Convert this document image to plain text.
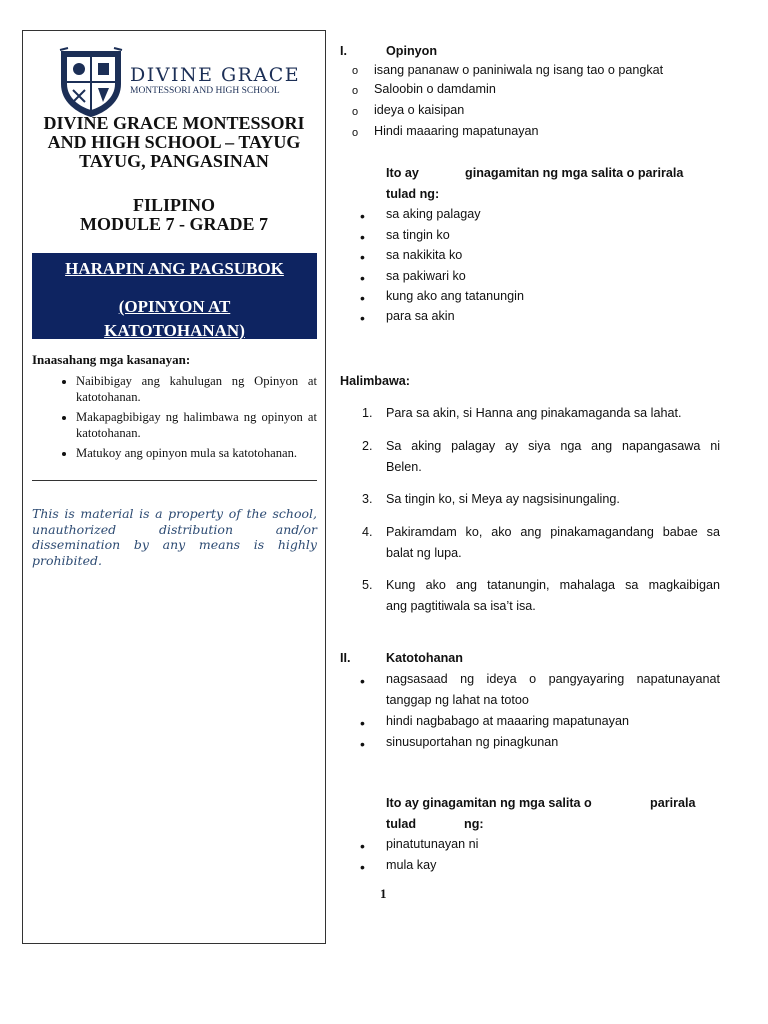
DIVINE GRACE
MONTESSORI AND HIGH SCHOOL
DIVINE GRACE MONTESSORI
AND HIGH SCHOOL – TAYUG
TAYUG, PANGASINAN
FILIPINO
MODULE 7 - GRADE 7
HARAPIN ANG PAGSUBOK
(OPINYON AT
KATOTOHANAN)
Inaasahang mga kasanayan:
• Naibibigay ang kahulugan ng Opinyon at katotohanan.
• Makapagbibigay ng halimbawa ng opinyon at katotohanan.
• Matukoy ang opinyon mula sa katotohanan.
This is material is a property of the school, unauthorized distribution and/or dissemination by any means is highly prohibited.
I.	Opinyon
o isang pananaw o paniniwala ng isang tao o pangkat
o Saloobin o damdamin
o ideya o kaisipan
o Hindi maaaring mapatunayan
Ito ay	ginagamitan ng mga salita o parirala
tulad ng:
• sa aking palagay
• sa tingin ko
• sa nakikita ko
• sa pakiwari ko
• kung ako ang tatanungin
• para sa akin
Halimbawa:
1. Para sa akin, si Hanna ang pinakamaganda sa lahat.
2. Sa aking palagay ay siya nga ang napangasawa ni
Belen.
3. Sa tingin ko, si Meya ay nagsisinungaling.
4. Pakiramdam ko, ako ang pinakamagandang babae sa
balat ng lupa.
5. Kung ako ang tatanungin, mahalaga sa magkaibigan
ang pagtitiwala sa isa’t isa.
II.	Katotohanan
• nagsasaad ng ideya o pangyayaring napatunayanat
tanggap ng lahat na totoo
• hindi nagbabago at maaaring mapatunayan
• sinusuportahan ng pinagkunan
Ito ay ginagamitan ng mga salita o	parirala
tulad	ng:
• pinatutunayan ni
• mula kay
1
